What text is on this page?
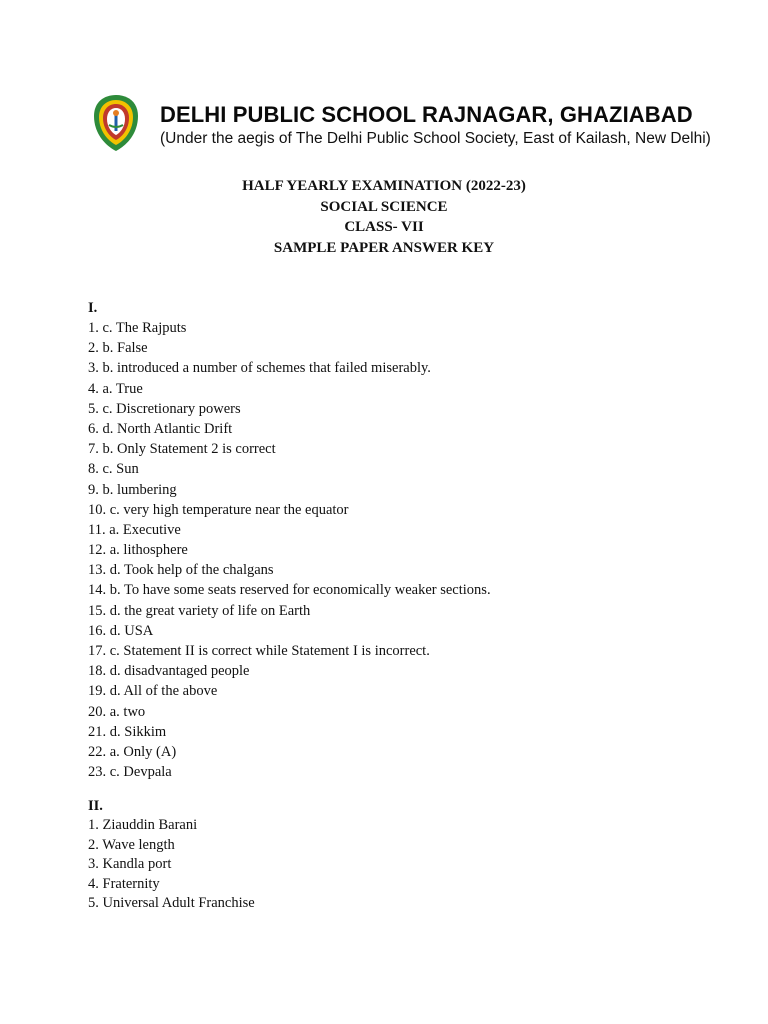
DELHI PUBLIC SCHOOL RAJNAGAR, GHAZIABAD
(Under the aegis of The Delhi Public School Society, East of Kailash, New Delhi)
HALF YEARLY EXAMINATION (2022-23)
SOCIAL SCIENCE
CLASS- VII
SAMPLE PAPER ANSWER KEY
I.
1. c. The Rajputs
2. b. False
3. b. introduced a number of schemes that failed miserably.
4. a. True
5. c. Discretionary powers
6. d. North Atlantic Drift
7. b. Only Statement 2 is correct
8. c. Sun
9. b. lumbering
10. c. very high temperature near the equator
11. a. Executive
12. a. lithosphere
13. d. Took help of the chalgans
14. b. To have some seats reserved for economically weaker sections.
15. d. the great variety of life on Earth
16. d. USA
17. c. Statement II is correct while Statement I is incorrect.
18. d. disadvantaged people
19. d. All of the above
20. a. two
21. d. Sikkim
22. a. Only (A)
23. c. Devpala
II.
1. Ziauddin Barani
2. Wave length
3. Kandla port
4. Fraternity
5. Universal Adult Franchise
